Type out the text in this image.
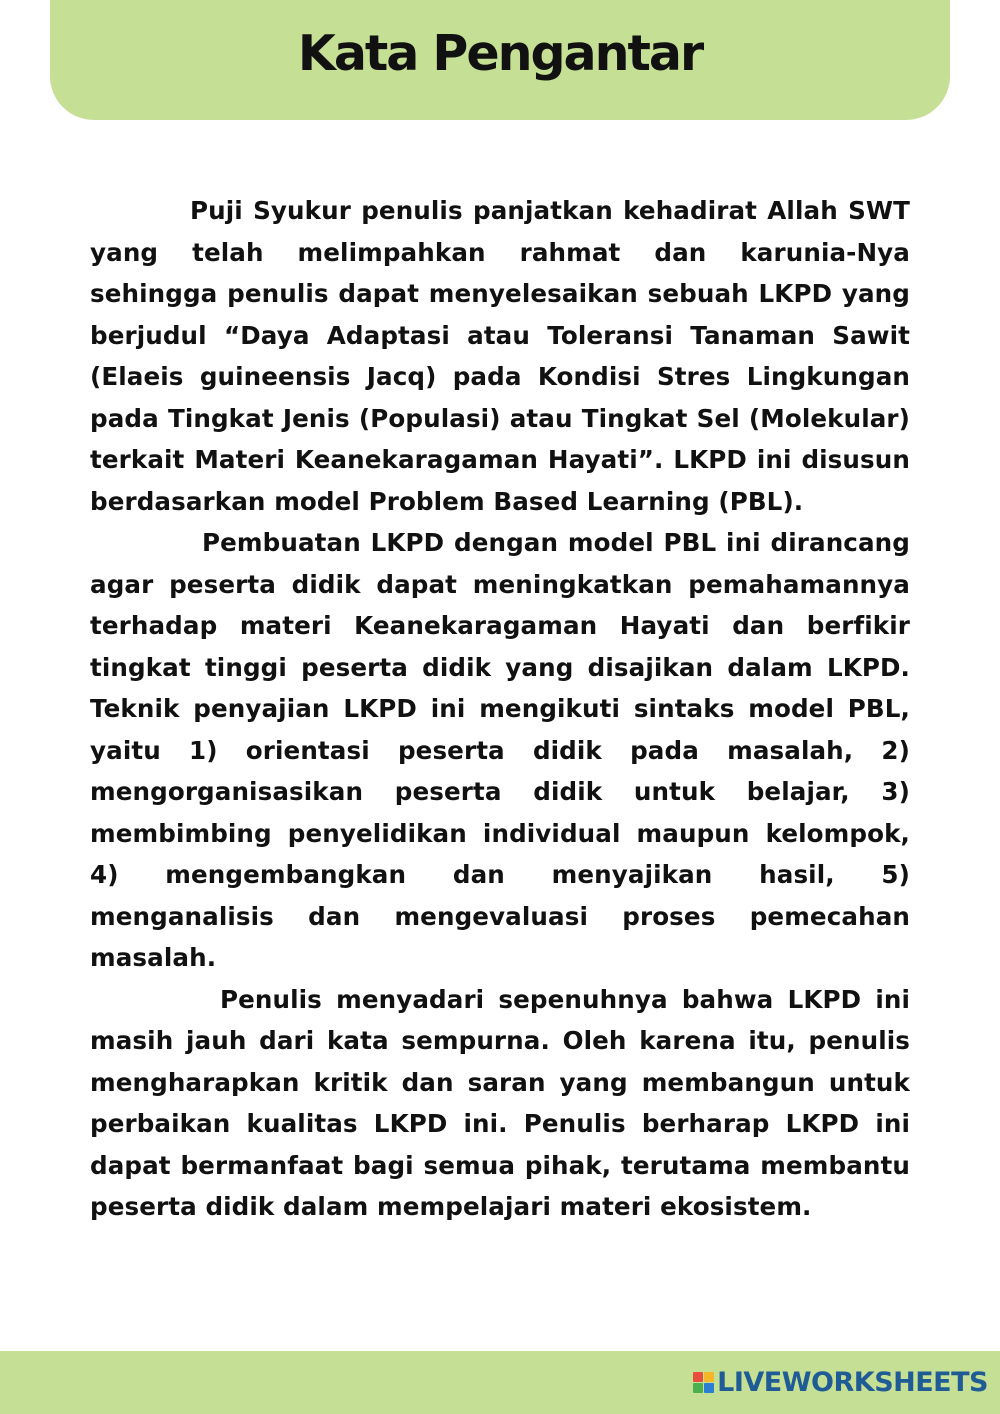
Kata Pengantar

Puji Syukur penulis panjatkan kehadirat Allah SWT yang telah melimpahkan rahmat dan karunia-Nya sehingga penulis dapat menyelesaikan sebuah LKPD yang berjudul “Daya Adaptasi atau Toleransi Tanaman Sawit (Elaeis guineensis Jacq) pada Kondisi Stres Lingkungan pada Tingkat Jenis (Populasi) atau Tingkat Sel (Molekular) terkait Materi Keanekaragaman Hayati”. LKPD ini disusun berdasarkan model Problem Based Learning (PBL).

Pembuatan LKPD dengan model PBL ini dirancang agar peserta didik dapat meningkatkan pemahamannya terhadap materi Keanekaragaman Hayati dan berfikir tingkat tinggi peserta didik yang disajikan dalam LKPD. Teknik penyajian LKPD ini mengikuti sintaks model PBL, yaitu 1) orientasi peserta didik pada masalah, 2) mengorganisasikan peserta didik untuk belajar, 3) membimbing penyelidikan individual maupun kelompok, 4) mengembangkan dan menyajikan hasil, 5) menganalisis dan mengevaluasi proses pemecahan masalah.

Penulis menyadari sepenuhnya bahwa LKPD ini masih jauh dari kata sempurna. Oleh karena itu, penulis mengharapkan kritik dan saran yang membangun untuk perbaikan kualitas LKPD ini. Penulis berharap LKPD ini dapat bermanfaat bagi semua pihak, terutama membantu peserta didik dalam mempelajari materi ekosistem.

LIVEWORKSHEETS
